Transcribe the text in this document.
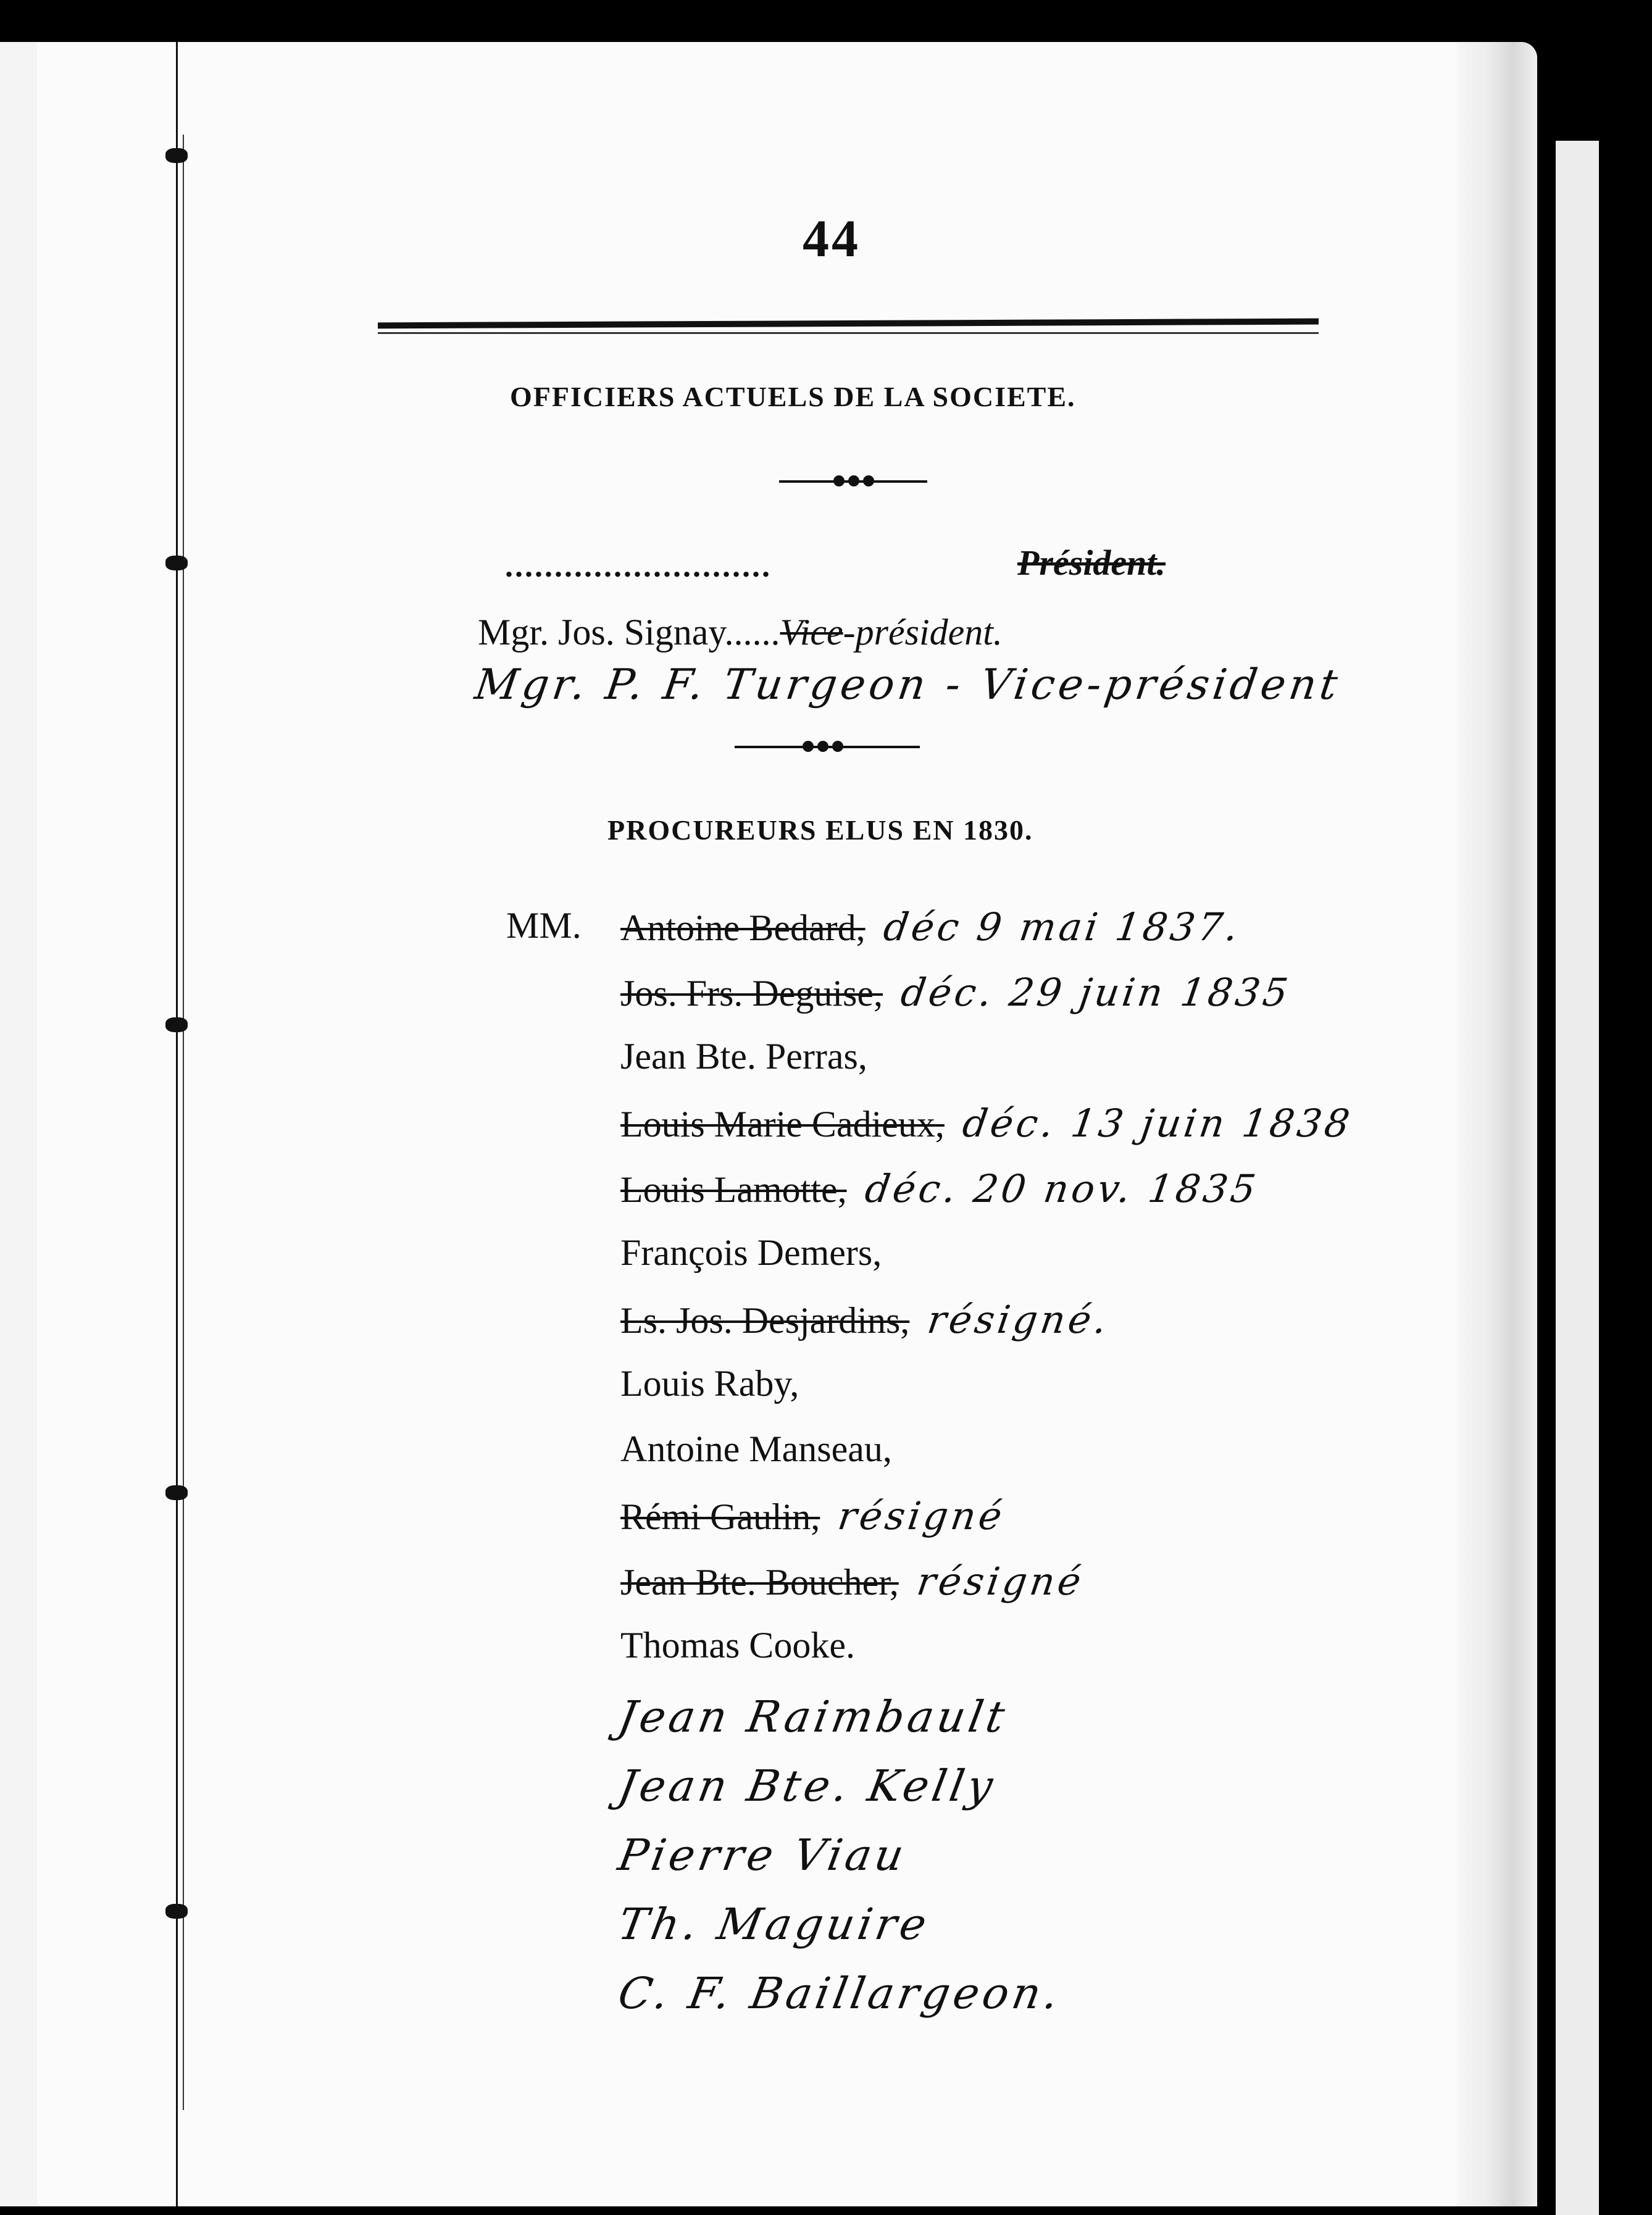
44
OFFICIERS ACTUELS DE LA SOCIETE.
...........................	Président.
Mgr. Jos. Signay......Vice-président.
Mgr. P. F. Turgeon - Vice-président
PROCUREURS ELUS EN 1830.
MM. Antoine Bedard, déc 9 mai 1837.
Jos. Frs. Deguise, déc. 29 juin 1835
Jean Bte. Perras,
Louis Marie Cadieux, déc. 13 juin 1838
Louis Lamotte, déc. 20 nov. 1835
François Demers,
Ls. Jos. Desjardins, résigné.
Louis Raby,
Antoine Manseau,
Rémi Gaulin, résigné
Jean Bte. Boucher, résigné
Thomas Cooke.
Jean Raimbault
Jean Bte. Kelly
Pierre Viau
Th. Maguire
C. F. Baillargeon.
